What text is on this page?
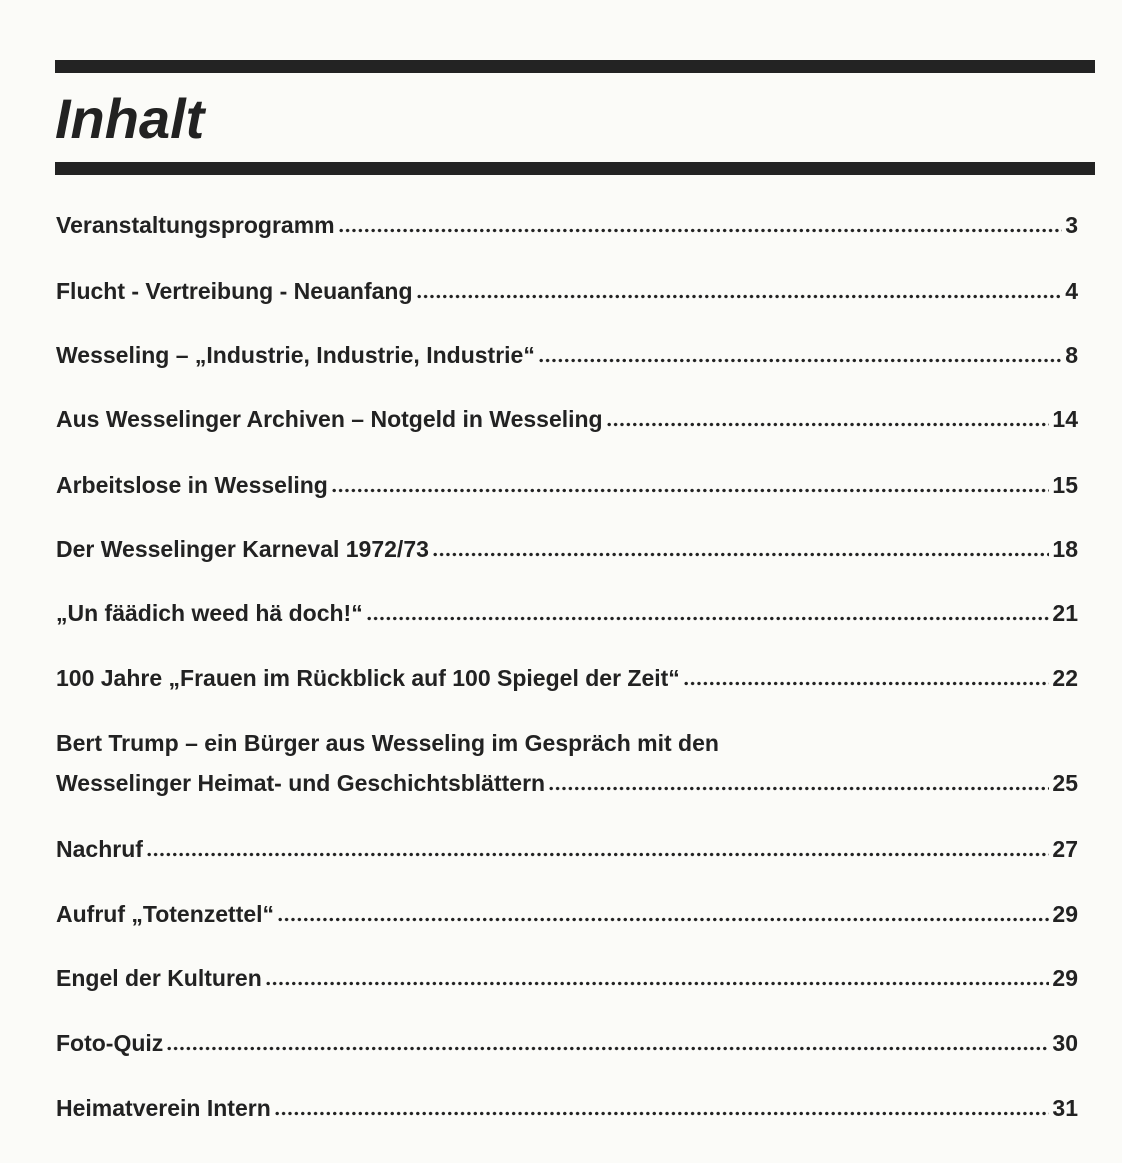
Inhalt
Veranstaltungsprogramm	3
Flucht - Vertreibung - Neuanfang	4
Wesseling – „Industrie, Industrie, Industrie“	8
Aus Wesselinger Archiven – Notgeld in Wesseling	14
Arbeitslose in Wesseling	15
Der Wesselinger Karneval 1972/73	18
„Un fäädich weed hä doch!“	21
100 Jahre „Frauen im Rückblick auf 100 Spiegel der Zeit“	22
Bert Trump – ein Bürger aus Wesseling im Gespräch mit den
Wesselinger Heimat- und Geschichtsblättern	25
Nachruf	27
Aufruf „Totenzettel“	29
Engel der Kulturen	29
Foto-Quiz	30
Heimatverein Intern	31
